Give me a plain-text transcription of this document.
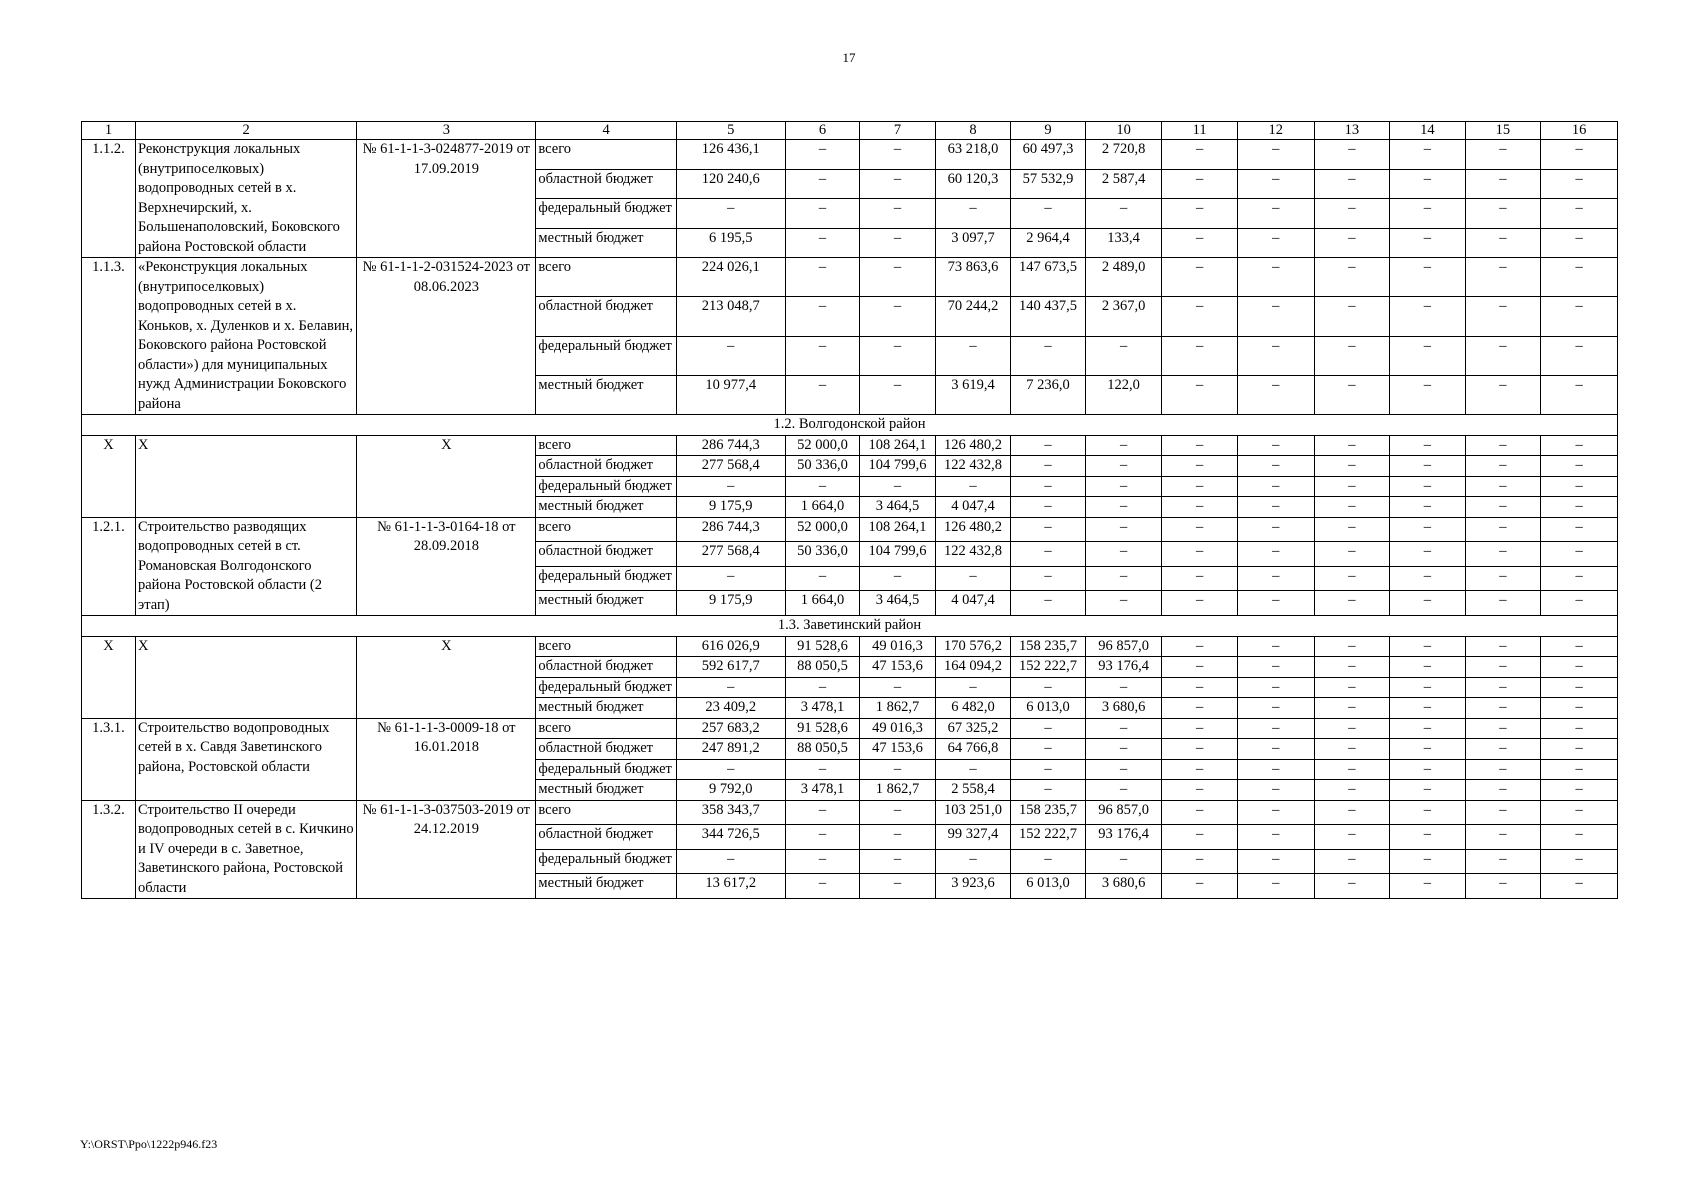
17
1	2	3	4	5	6	7	8	9	10	11	12	13	14	15	16
1.1.2.	Реконструкция локальных (внутрипоселковых) водопроводных сетей в х. Верхнечирский, х. Большенаполовский, Боковского района Ростовской области	№ 61-1-1-3-024877-2019 от 17.09.2019	всего	126 436,1	–	–	63 218,0	60 497,3	2 720,8	–	–	–	–	–	–
			областной бюджет	120 240,6	–	–	60 120,3	57 532,9	2 587,4	–	–	–	–	–	–
			федеральный бюджет	–	–	–	–	–	–	–	–	–	–	–	–
			местный бюджет	6 195,5	–	–	3 097,7	2 964,4	133,4	–	–	–	–	–	–
1.1.3.	«Реконструкция локальных (внутрипоселковых) водопроводных сетей в х. Коньков, х. Дуленков и х. Белавин, Боковского района Ростовской области») для муниципальных нужд Администрации Боковского района	№ 61-1-1-2-031524-2023 от 08.06.2023	всего	224 026,1	–	–	73 863,6	147 673,5	2 489,0	–	–	–	–	–	–
			областной бюджет	213 048,7	–	–	70 244,2	140 437,5	2 367,0	–	–	–	–	–	–
			федеральный бюджет	–	–	–	–	–	–	–	–	–	–	–	–
			местный бюджет	10 977,4	–	–	3 619,4	7 236,0	122,0	–	–	–	–	–	–
1.2. Волгодонской район															
Х	Х	Х	всего	286 744,3	52 000,0	108 264,1	126 480,2	–	–	–	–	–	–	–	–
			областной бюджет	277 568,4	50 336,0	104 799,6	122 432,8	–	–	–	–	–	–	–	–
			федеральный бюджет	–	–	–	–	–	–	–	–	–	–	–	–
			местный бюджет	9 175,9	1 664,0	3 464,5	4 047,4	–	–	–	–	–	–	–	–
1.2.1.	Строительство разводящих водопроводных сетей в ст. Романовская Волгодонского района Ростовской области (2 этап)	№ 61-1-1-3-0164-18 от 28.09.2018	всего	286 744,3	52 000,0	108 264,1	126 480,2	–	–	–	–	–	–	–	–
			областной бюджет	277 568,4	50 336,0	104 799,6	122 432,8	–	–	–	–	–	–	–	–
			федеральный бюджет	–	–	–	–	–	–	–	–	–	–	–	–
			местный бюджет	9 175,9	1 664,0	3 464,5	4 047,4	–	–	–	–	–	–	–	–
1.3. Заветинский район															
Х	Х	Х	всего	616 026,9	91 528,6	49 016,3	170 576,2	158 235,7	96 857,0	–	–	–	–	–	–
			областной бюджет	592 617,7	88 050,5	47 153,6	164 094,2	152 222,7	93 176,4	–	–	–	–	–	–
			федеральный бюджет	–	–	–	–	–	–	–	–	–	–	–	–
			местный бюджет	23 409,2	3 478,1	1 862,7	6 482,0	6 013,0	3 680,6	–	–	–	–	–	–
1.3.1.	Строительство водопроводных сетей в х. Савдя Заветинского района, Ростовской области	№ 61-1-1-3-0009-18 от 16.01.2018	всего	257 683,2	91 528,6	49 016,3	67 325,2	–	–	–	–	–	–	–	–
			областной бюджет	247 891,2	88 050,5	47 153,6	64 766,8	–	–	–	–	–	–	–	–
			федеральный бюджет	–	–	–	–	–	–	–	–	–	–	–	–
			местный бюджет	9 792,0	3 478,1	1 862,7	2 558,4	–	–	–	–	–	–	–	–
1.3.2.	Строительство II очереди водопроводных сетей в с. Кичкино и IV очереди в с. Заветное, Заветинского района, Ростовской области	№ 61-1-1-3-037503-2019 от 24.12.2019	всего	358 343,7	–	–	103 251,0	158 235,7	96 857,0	–	–	–	–	–	–
			областной бюджет	344 726,5	–	–	99 327,4	152 222,7	93 176,4	–	–	–	–	–	–
			федеральный бюджет	–	–	–	–	–	–	–	–	–	–	–	–
			местный бюджет	13 617,2	–	–	3 923,6	6 013,0	3 680,6	–	–	–	–	–	–
Y:\ORST\Ppo\1222p946.f23
